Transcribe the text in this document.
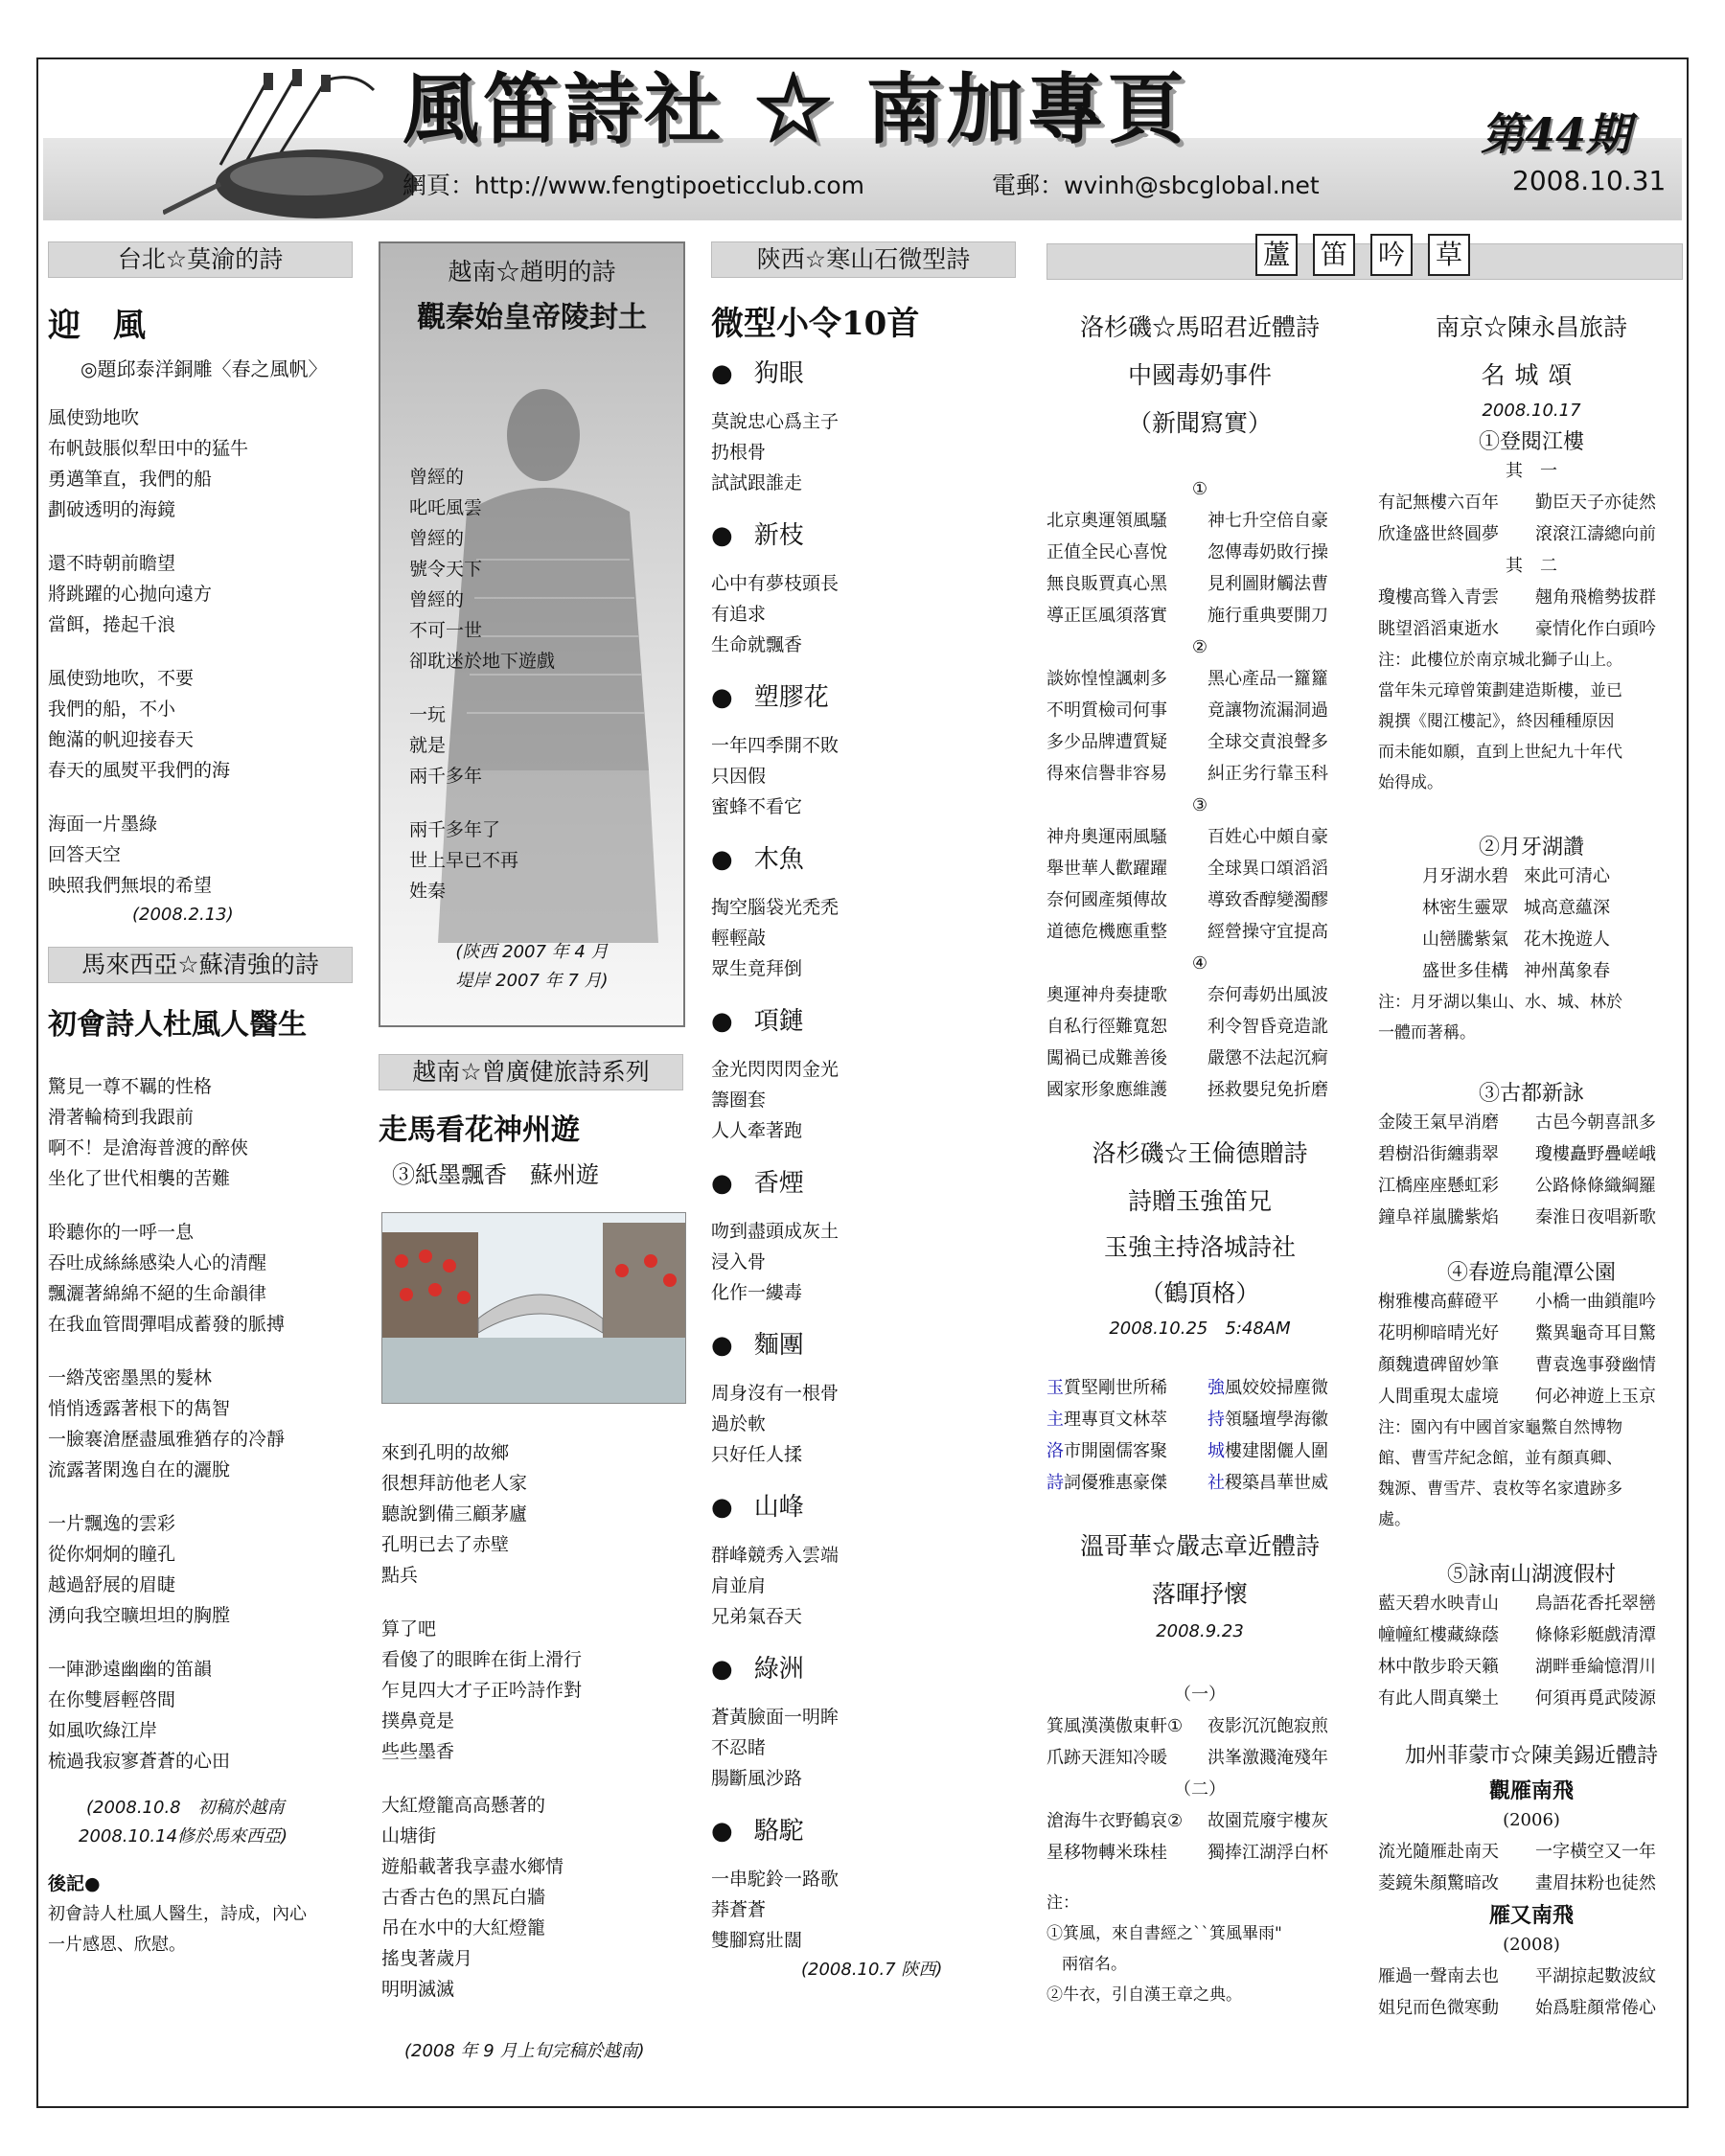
風笛詩社 ☆ 南加專頁	第44期
網頁：http://www.fengtipoeticclub.com	電郵：wvinh@sbcglobal.net	2008.10.31
台北☆莫渝的詩
迎　風
◎題邱泰洋銅雕〈春之風帆〉
風使勁地吹
布帆鼓脹似犁田中的猛牛
勇邁筆直，我們的船
劃破透明的海鏡
還不時朝前瞻望
將跳躍的心抛向遠方
當餌，捲起千浪
風使勁地吹，不要
我們的船，不小
飽滿的帆迎接春天
春天的風熨平我們的海
海面一片墨綠
回答天空
映照我們無垠的希望
(2008.2.13)
馬來西亞☆蘇清強的詩
初會詩人杜風人醫生
驚見一尊不羈的性格
滑著輪椅到我跟前
啊不！是滄海普渡的醉俠
坐化了世代相襲的苦難
聆聽你的一呼一息
吞吐成絲絲感染人心的清醒
飄灑著綿綿不絕的生命韻律
在我血管間彈唱成蓄發的脈搏
一綹茂密墨黑的髮林
悄悄透露著根下的雋智
一臉褰滄歷盡風雅猶存的冷靜
流露著閑逸自在的灑脫
一片飄逸的雲彩
從你炯炯的瞳孔
越過舒展的眉睫
湧向我空曠坦坦的胸膛
一陣渺遠幽幽的笛韻
在你雙唇輕啓間
如風吹綠江岸
梳過我寂寥蒼蒼的心田
(2008.10.8　初稿於越南
2008.10.14修於馬來西亞)
後記●
初會詩人杜風人醫生，詩成，內心
一片感恩、欣慰。
越南☆趙明的詩
觀秦始皇帝陵封土
曾經的
叱吒風雲
曾經的
號令天下
曾經的
不可一世
卻耽迷於地下遊戲
一玩
就是
兩千多年
兩千多年了
世上早已不再
姓秦
(陝西 2007 年 4 月
堤岸 2007 年 7 月)
越南☆曾廣健旅詩系列
走馬看花神州遊
③紙墨飄香　蘇州遊
來到孔明的故鄉
很想拜訪他老人家
聽說劉備三顧茅廬
孔明已去了赤壁
點兵
算了吧
看傻了的眼眸在街上滑行
乍見四大才子正吟詩作對
撲鼻竟是
些些墨香
大紅燈籠高高懸著的
山塘街
遊船載著我享盡水鄉情
古香古色的黑瓦白牆
吊在水中的大紅燈籠
搖曳著歲月
明明滅滅
(2008 年 9 月上旬完稿於越南)
陝西☆寒山石微型詩
微型小令10首
● 狗眼
莫說忠心爲主子
扔根骨
試試跟誰走
● 新枝
心中有夢枝頭長
有追求
生命就飄香
● 塑膠花
一年四季開不敗
只因假
蜜蜂不看它
● 木魚
掏空腦袋光禿禿
輕輕敲
眾生竟拜倒
● 項鏈
金光閃閃閃金光
籌圈套
人人牽著跑
● 香煙
吻到盡頭成灰土
浸入骨
化作一縷毒
● 麵團
周身沒有一根骨
過於軟
只好任人揉
● 山峰
群峰競秀入雲端
肩並肩
兄弟氣吞天
● 綠洲
蒼黃臉面一明眸
不忍睹
腸斷風沙路
● 駱駝
一串駝鈴一路歌
莽蒼蒼
雙腳寫壯闊
(2008.10.7 陝西)
蘆 笛 吟 草
洛杉磯☆馬昭君近體詩
中國毒奶事件
（新聞寫實）
①
北京奧運領風騷 神七升空倍自豪
正值全民心喜悅 忽傳毒奶敗行操
無良販賈真心黑 見利圖財觸法曹
導正匡風須落實 施行重典要開刀
②
談妳惶惶諷刺多 黑心產品一籮籮
不明質檢司何事 竟讓物流漏洞過
多少品牌遭質疑 全球交責浪聲多
得來信譽非容易 糾正劣行靠玉科
③
神舟奧運兩風騷 百姓心中頗自豪
舉世華人歡躍躍 全球異口頌滔滔
奈何國產頻傳故 導致香醇變濁醪
道德危機應重整 經營操守宜提高
④
奧運神舟奏捷歌 奈何毒奶出風波
自私行徑難寬恕 利令智昏竟造訛
闖禍已成難善後 嚴懲不法起沉痾
國家形象應維護 拯救嬰兒免折磨
洛杉磯☆王倫德贈詩
詩贈玉強笛兄
玉強主持洛城詩社
（鶴頂格）
2008.10.25　5:48AM
玉質堅剛世所稀 強風姣姣掃塵微
主理專頁文林萃 持領騷壇學海徽
洛市開園儒客聚 城樓建閣儷人圍
詩詞優雅惠豪傑 社稷築昌華世威
溫哥華☆嚴志章近體詩
落暉抒懷
2008.9.23
（一）
箕風漢漢傲東軒① 夜影沉沉飽寂煎
爪跡天涯知冷暖 洪峯激濺淹殘年
（二）
滄海牛衣野鶴哀② 故園荒廢宇樓灰
星移物轉米珠桂 獨捧江湖浮白杯
注：
①箕風，來自書經之``箕風畢雨"
兩宿名。
②牛衣，引自漢王章之典。
南京☆陳永昌旅詩
名城頌
2008.10.17
①登閱江樓
其　一
有記無樓六百年 勤臣天子亦徒然
欣逢盛世終圓夢 滾滾江濤總向前
其　二
瓊樓高聳入青雲 翹角飛檐勢拔群
眺望滔滔東逝水 豪情化作白頭吟
注：此樓位於南京城北獅子山上。
當年朱元璋曾策劃建造斯樓，並已
親撰《閱江樓記》，終因種種原因
而未能如願，直到上世紀九十年代
始得成。
②月牙湖讚
月牙湖水碧 來此可清心
林密生靈眾 城高意蘊深
山巒騰紫氣 花木挽遊人
盛世多佳構 神州萬象春
注：月牙湖以集山、水、城、林於
一體而著稱。
③古都新詠
金陵王氣早消磨 古邑今朝喜訊多
碧樹沿街纏翡翠 瓊樓矗野疊嵯峨
江橋座座懸虹彩 公路條條織綱羅
鐘阜祥嵐騰紫焰 秦淮日夜唱新歌
④春遊烏龍潭公園
榭雅樓高蘚磴平 小橋一曲鎖龍吟
花明柳暗晴光好 鱉異龜奇耳目驚
顏魏遺碑留妙筆 曹袁逸事發幽情
人間重現太虛境 何必神遊上玉京
注：園內有中國首家龜鱉自然博物
館、曹雪芹紀念館，並有顏真卿、
魏源、曹雪芹、袁枚等名家遺跡多
處。
⑤詠南山湖渡假村
藍天碧水映青山 鳥語花香托翠巒
幢幢紅樓藏綠蔭 條條彩艇戲清潭
林中散步聆天籟 湖畔垂綸憶渭川
有此人間真樂土 何須再覓武陵源
加州菲蒙市☆陳美錫近體詩
觀雁南飛
(2006)
流光隨雁赴南天 一字橫空又一年
菱鏡朱顏驚暗改 畫眉抹粉也徒然
雁又南飛
(2008)
雁過一聲南去也 平湖掠起數波紋
姐兒而色微寒動 始爲駐顏常倦心
